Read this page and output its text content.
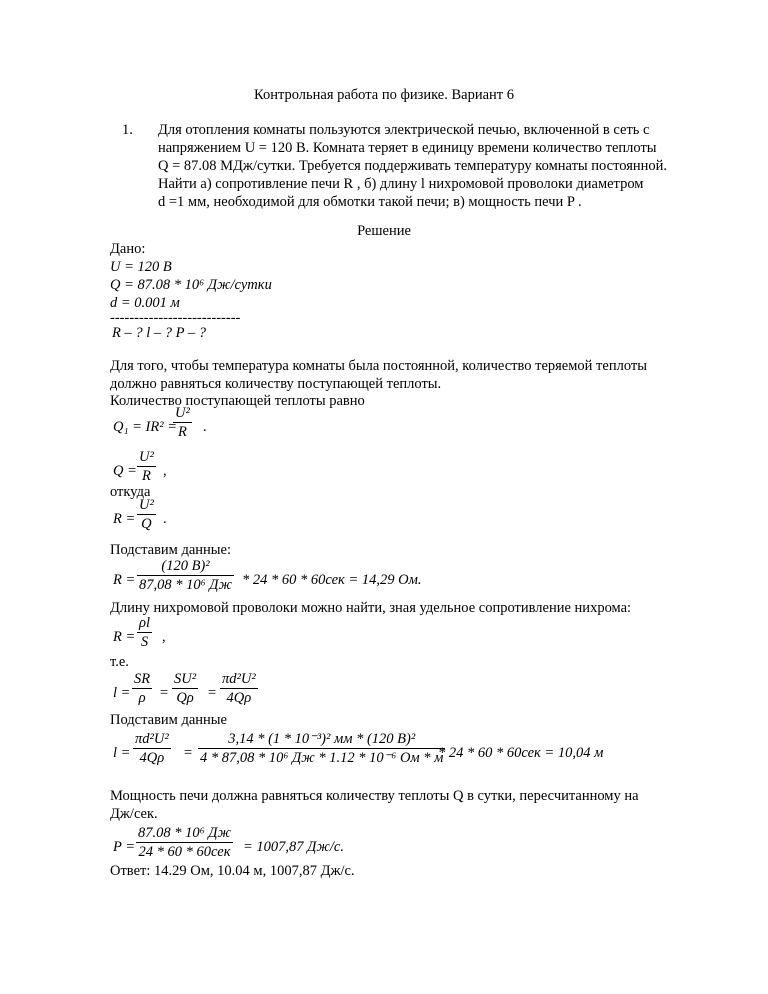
Контрольная работа по физике. Вариант 6
1. Для отопления комнаты пользуются электрической печью, включенной в сеть с
напряжением U = 120 В. Комната теряет в единицу времени количество теплоты
Q = 87.08 МДж/сутки. Требуется поддерживать температуру комнаты постоянной.
Найти а) сопротивление печи R , б) длину l нихромовой проволоки диаметром
d =1 мм, необходимой для обмотки такой печи; в) мощность печи P .
Решение
Дано:
U = 120 В
Q = 87.08 * 10⁶ Дж/сутки
d = 0.001 м
---------------------------
R – ? l – ? P – ?
Для того, чтобы температура комнаты была постоянной, количество теряемой теплоты
должно равняться количеству поступающей теплоты.
Количество поступающей теплоты равно
Q₁ = IR² =
$\frac{\text{U²}}{R}$ .
$Q = \frac{\text{U²}}{R}$ ,
откуда
$R = \frac{\text{U²}}{Q}$ .
Подставим данные:
R =
(120 B)²
87,08 * 10⁶ Дж * 24 * 60 * 60сек = 14,29 Ом.
Длину нихромовой проволоки можно найти, зная удельное сопротивление нихрома:
$R = \frac{\rho l}{S}$ ,
т.е.
$l = \frac{SR}{\rho} = \frac{\text{SU²}}{Q\rho} = \frac{\text{πd²U²}}{4Q\rho}$
Подставим данные
$l = \frac{\text{πd²U²}}{4Q\rho}$ =
3,14 * (1 * 10⁻³)² мм * (120 B)²
4 * 87,08 * 10⁶ Дж * 1.12 * 10⁻⁶ Ом * м
* 24 * 60 * 60сек = 10,04 м
Мощность печи должна равняться количеству теплоты Q в сутки, пересчитанному на
Дж/сек.
P =
87.08 * 10⁶ Дж
24 * 60 * 60сек = 1007,87 Дж/с.
Ответ: 14.29 Ом, 10.04 м, 1007,87 Дж/с.
